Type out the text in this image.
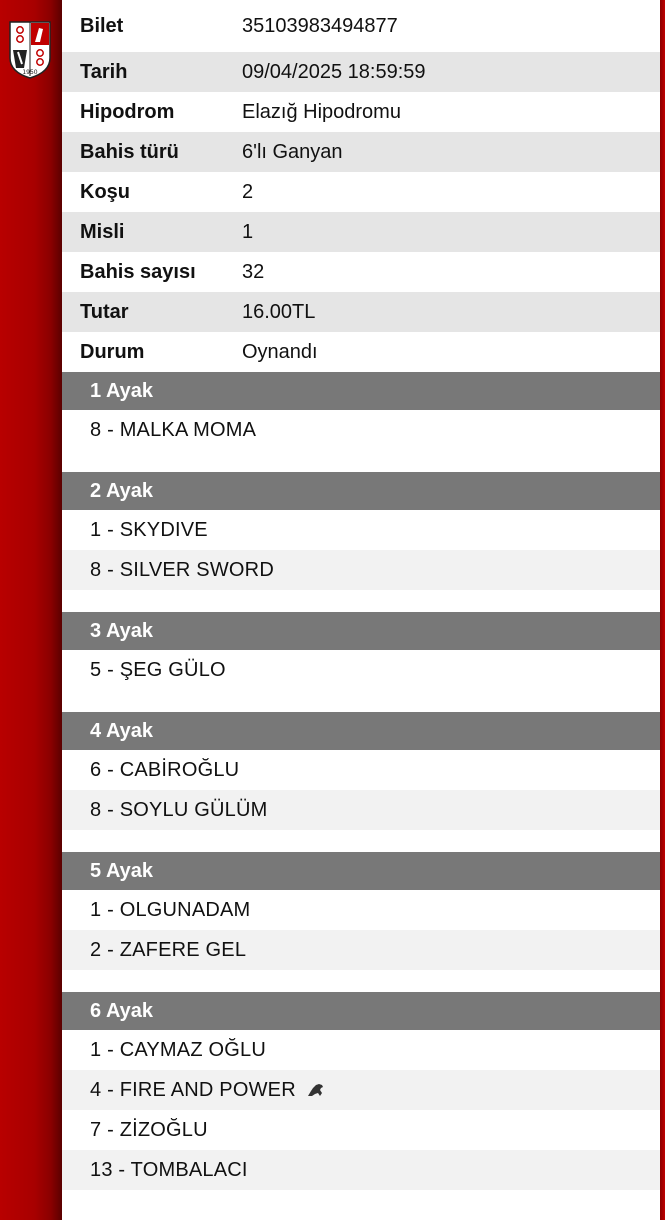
1950
Bilet	35103983494877
Tarih	09/04/2025 18:59:59
Hipodrom	Elazığ Hipodromu
Bahis türü	6'lı Ganyan
Koşu	2
Misli	1
Bahis sayısı	32
Tutar	16.00TL
Durum	Oynandı
1 Ayak
8 - MALKA MOMA
2 Ayak
1 - SKYDIVE
8 - SILVER SWORD
3 Ayak
5 - ŞEG GÜLO
4 Ayak
6 - CABİROĞLU
8 - SOYLU GÜLÜM
5 Ayak
1 - OLGUNADAM
2 - ZAFERE GEL
6 Ayak
1 - CAYMAZ OĞLU
4 - FIRE AND POWER
7 - ZİZOĞLU
13 - TOMBALACI
